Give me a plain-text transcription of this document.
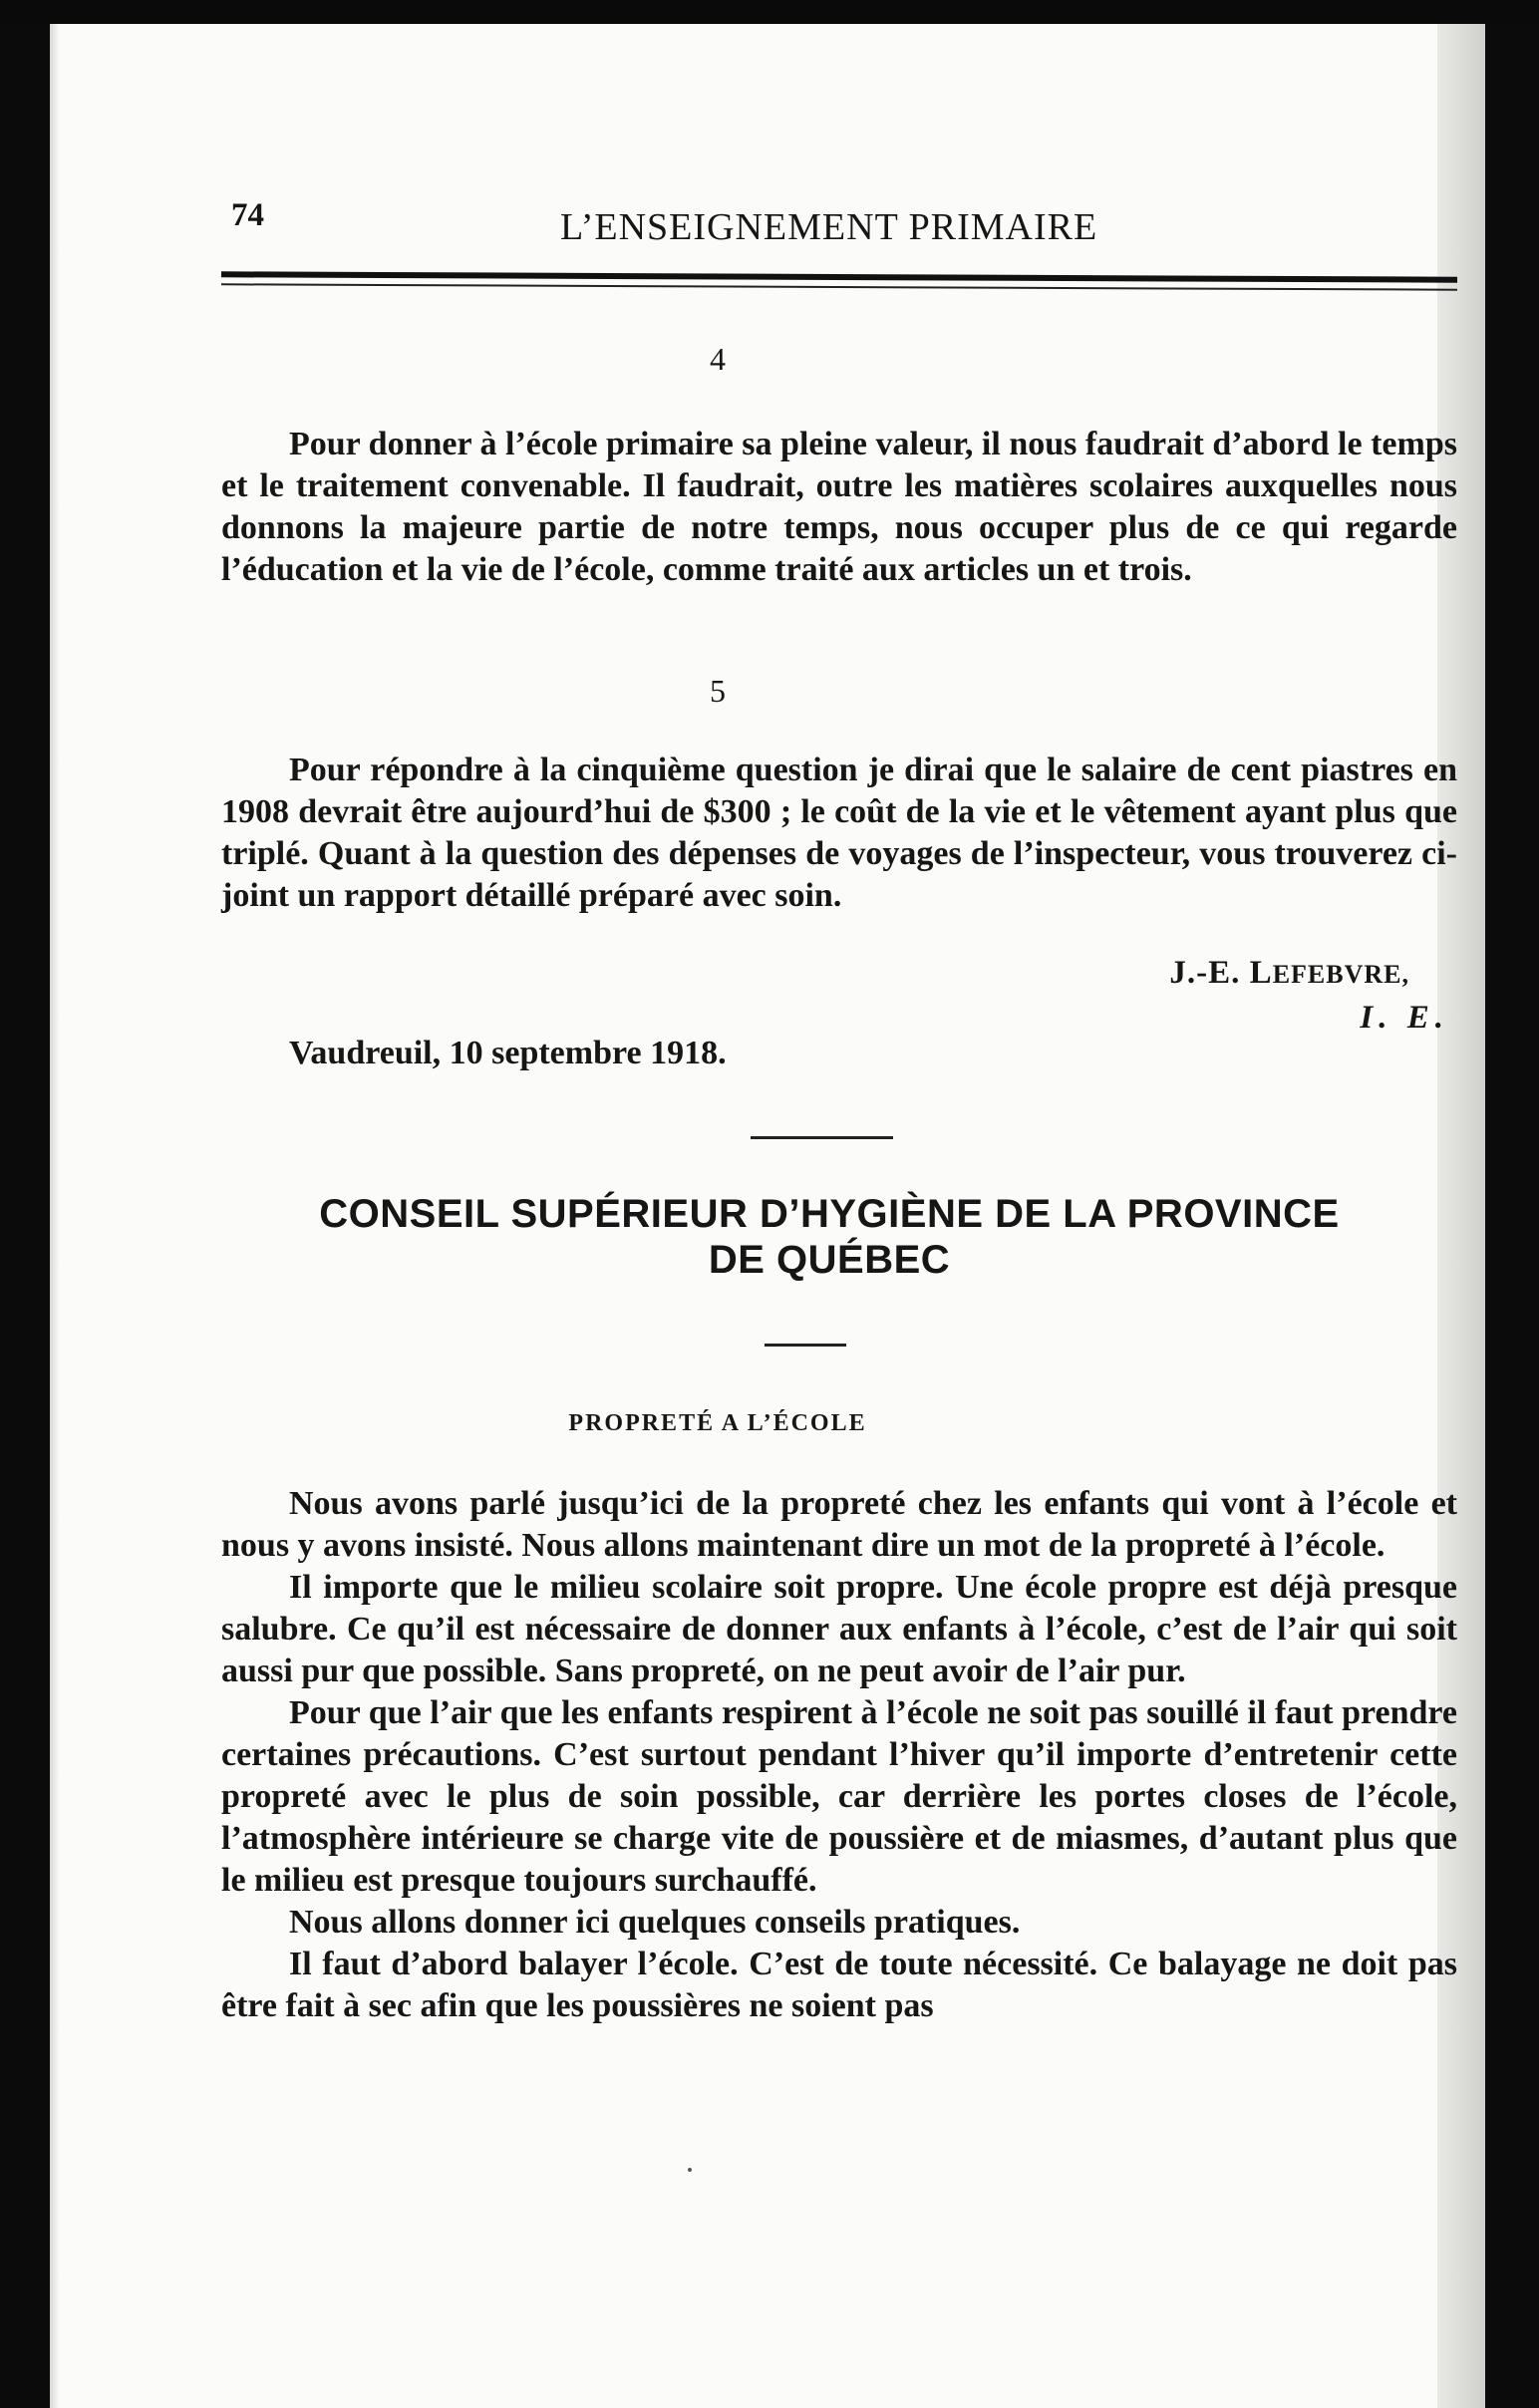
74	L’ENSEIGNEMENT PRIMAIRE
4

Pour donner à l’école primaire sa pleine valeur, il nous faudrait d’abord le temps et le traitement convenable. Il faudrait, outre les matières scolaires auxquelles nous donnons la majeure partie de notre temps, nous occuper plus de ce qui regarde l’éducation et la vie de l’école, comme traité aux articles un et trois.

5

Pour répondre à la cinquième question je dirai que le salaire de cent piastres en 1908 devrait être aujourd’hui de $300 ; le coût de la vie et le vêtement ayant plus que triplé. Quant à la question des dépenses de voyages de l’inspecteur, vous trouverez ci-joint un rapport détaillé préparé avec soin.

J.-E. LEFEBVRE,
I. E.
Vaudreuil, 10 septembre 1918.
CONSEIL SUPÉRIEUR D’HYGIÈNE DE LA PROVINCE
DE QUÉBEC
PROPRETÉ A L’ÉCOLE

Nous avons parlé jusqu’ici de la propreté chez les enfants qui vont à l’école et nous y avons insisté. Nous allons maintenant dire un mot de la propreté à l’école.

Il importe que le milieu scolaire soit propre. Une école propre est déjà presque salubre. Ce qu’il est nécessaire de donner aux enfants à l’école, c’est de l’air qui soit aussi pur que possible. Sans propreté, on ne peut avoir de l’air pur.

Pour que l’air que les enfants respirent à l’école ne soit pas souillé il faut prendre certaines précautions. C’est surtout pendant l’hiver qu’il importe d’entretenir cette propreté avec le plus de soin possible, car derrière les portes closes de l’école, l’atmosphère intérieure se charge vite de poussière et de miasmes, d’autant plus que le milieu est presque toujours surchauffé.

Nous allons donner ici quelques conseils pratiques.

Il faut d’abord balayer l’école. C’est de toute nécessité. Ce balayage ne doit pas être fait à sec afin que les poussières ne soient pas
